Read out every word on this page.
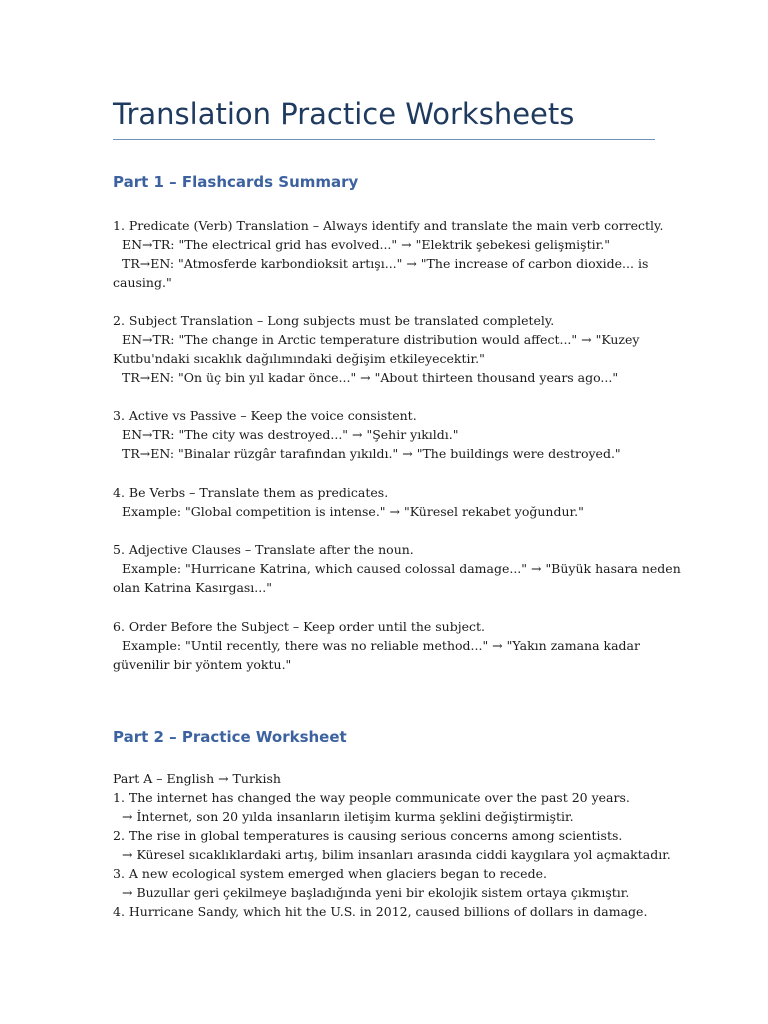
Translation Practice Worksheets
Part 1 – Flashcards Summary
1. Predicate (Verb) Translation – Always identify and translate the main verb correctly.
EN→TR: "The electrical grid has evolved..." → "Elektrik şebekesi gelişmiştir."
TR→EN: "Atmosferde karbondioksit artışı..." → "The increase of carbon dioxide... is
causing."
2. Subject Translation – Long subjects must be translated completely.
EN→TR: "The change in Arctic temperature distribution would affect..." → "Kuzey
Kutbu'ndaki sıcaklık dağılımındaki değişim etkileyecektir."
TR→EN: "On üç bin yıl kadar önce..." → "About thirteen thousand years ago..."
3. Active vs Passive – Keep the voice consistent.
EN→TR: "The city was destroyed..." → "Şehir yıkıldı."
TR→EN: "Binalar rüzgâr tarafından yıkıldı." → "The buildings were destroyed."
4. Be Verbs – Translate them as predicates.
Example: "Global competition is intense." → "Küresel rekabet yoğundur."
5. Adjective Clauses – Translate after the noun.
Example: "Hurricane Katrina, which caused colossal damage..." → "Büyük hasara neden
olan Katrina Kasırgası..."
6. Order Before the Subject – Keep order until the subject.
Example: "Until recently, there was no reliable method..." → "Yakın zamana kadar
güvenilir bir yöntem yoktu."
Part 2 – Practice Worksheet
Part A – English → Turkish
1. The internet has changed the way people communicate over the past 20 years.
→ İnternet, son 20 yılda insanların iletişim kurma şeklini değiştirmiştir.
2. The rise in global temperatures is causing serious concerns among scientists.
→ Küresel sıcaklıklardaki artış, bilim insanları arasında ciddi kaygılara yol açmaktadır.
3. A new ecological system emerged when glaciers began to recede.
→ Buzullar geri çekilmeye başladığında yeni bir ekolojik sistem ortaya çıkmıştır.
4. Hurricane Sandy, which hit the U.S. in 2012, caused billions of dollars in damage.
